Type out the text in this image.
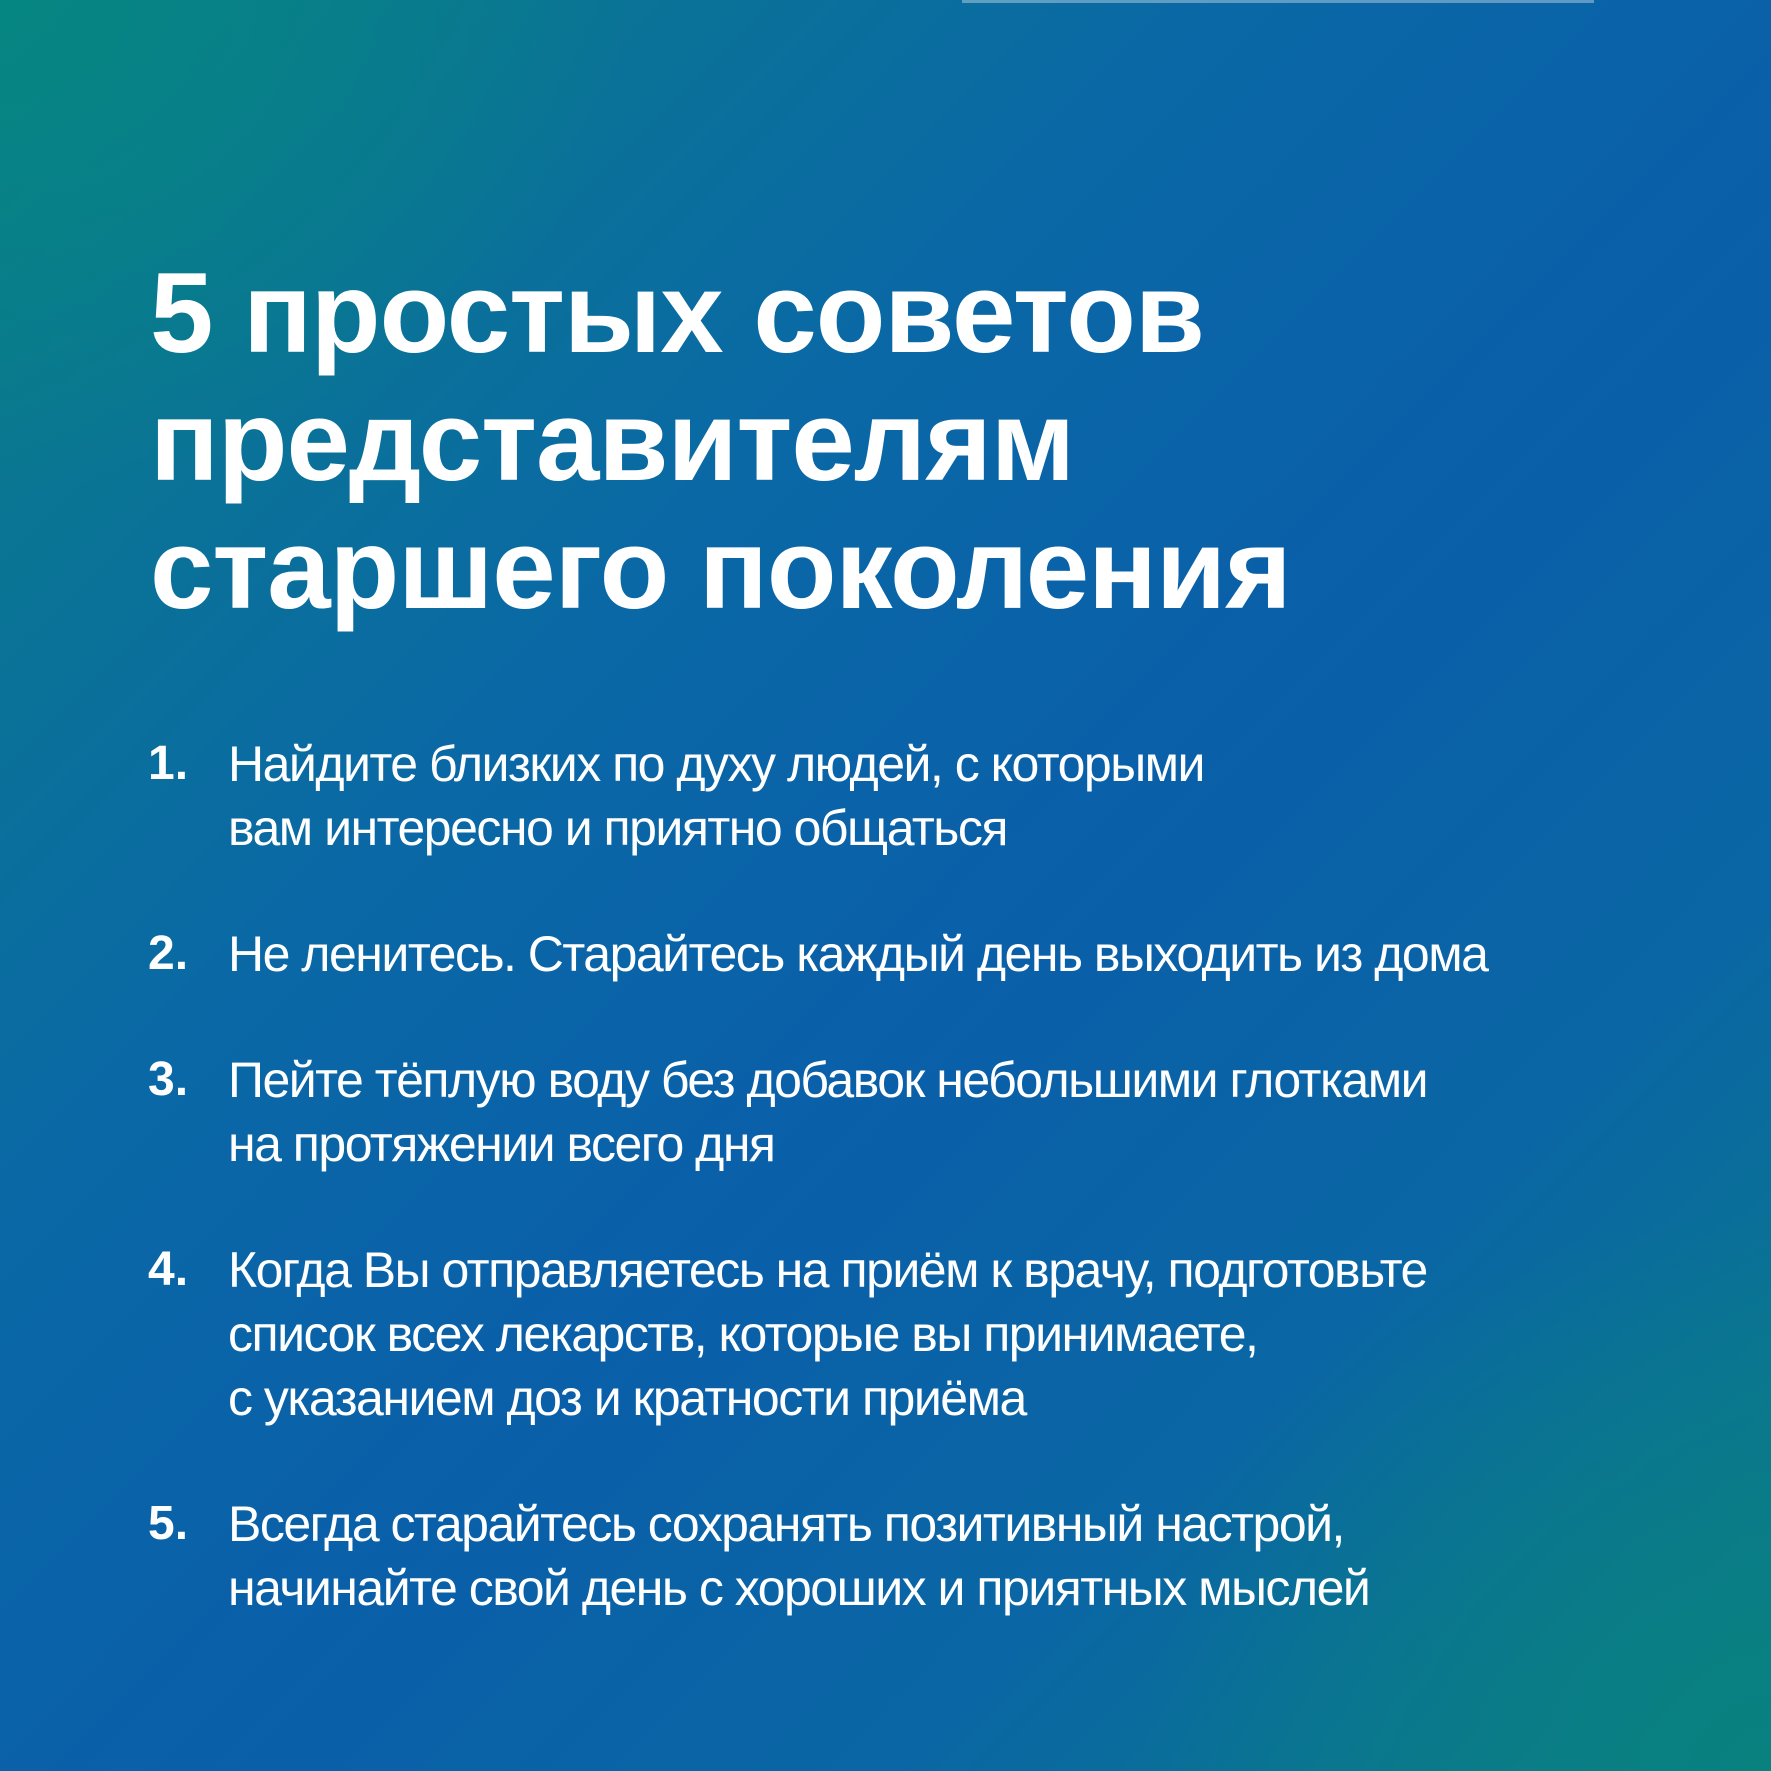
5 простых советов
представителям
старшего поколения
1. Найдите близких по духу людей, с которыми
вам интересно и приятно общаться
2. Не ленитесь. Старайтесь каждый день выходить из дома
3. Пейте тёплую воду без добавок небольшими глотками
на протяжении всего дня
4. Когда Вы отправляетесь на приём к врачу, подготовьте
список всех лекарств, которые вы принимаете,
с указанием доз и кратности приёма
5. Всегда старайтесь сохранять позитивный настрой,
начинайте свой день с хороших и приятных мыслей
